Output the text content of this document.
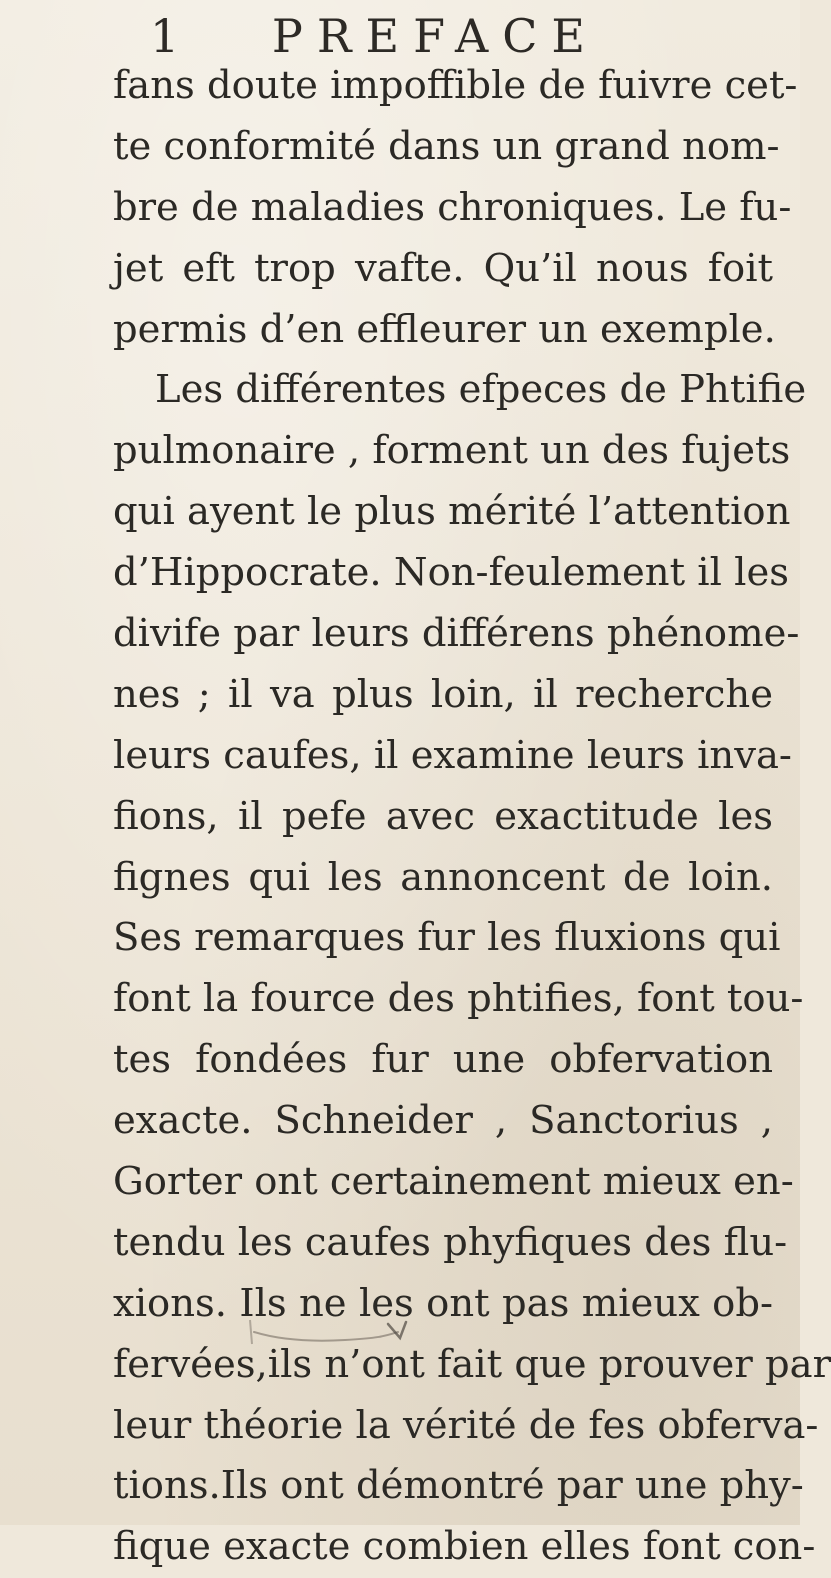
1 PREFACE
fans doute impoffible de fuivre cet-
te conformité dans un grand nom-
bre de maladies chroniques. Le fu-
jet eft trop vafte. Qu’il nous foit
permis d’en effleurer un exemple.
Les différentes efpeces de Phtifie
pulmonaire , forment un des fujets
qui ayent le plus mérité l’attention
d’Hippocrate. Non-feulement il les
divife par leurs différens phénome-
nes ; il va plus loin, il recherche
leurs caufes, il examine leurs inva-
fions, il pefe avec exactitude les
fignes qui les annoncent de loin.
Ses remarques fur les fluxions qui
font la fource des phtifies, font tou-
tes fondées fur une obfervation
exacte. Schneider , Sanctorius ,
Gorter ont certainement mieux en-
tendu les caufes phyfiques des flu-
xions. Ils ne les ont pas mieux ob-
fervées,ils n’ont fait que prouver par
leur théorie la vérité de fes obferva-
tions.Ils ont démontré par une phy-
fique exacte combien elles font con-
